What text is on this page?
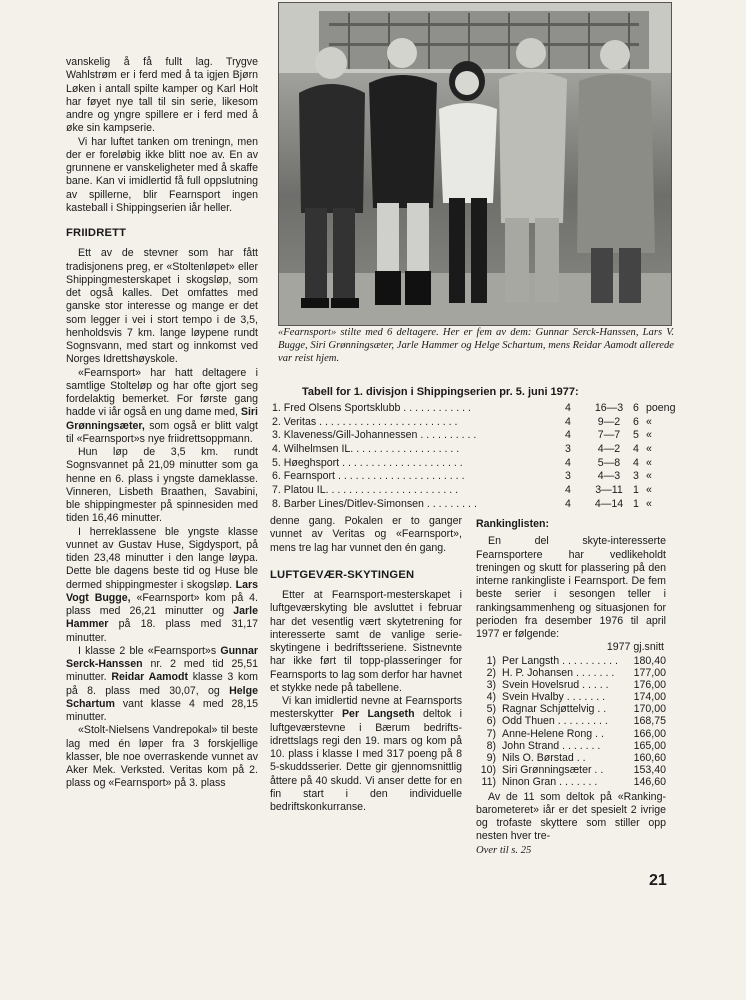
vanskelig å få fullt lag. Trygve Wahlstrøm er i ferd med å ta igjen Bjørn Løken i antall spilte kamper og Karl Holt har føyet nye tall til sin serie, likesom andre og yngre spillere er i ferd med å øke sin kampserie.

Vi har luftet tanken om treningn, men der er foreløbig ikke blitt noe av. En av grunnene er vanskeligheter med å skaffe bane. Kan vi imidlertid få full oppslutning av spillerne, blir Fearnsport ingen kasteball i Shippingserien iår heller.

FRIIDRETT

Ett av de stevner som har fått tradisjonens preg, er «Stoltenløpet» eller Shippingmesterskapet i skogsløp, som det også kalles. Det omfattes med ganske stor interesse og mange er det som legger i vei i stort tempo i de 3,5, henholdsvis 7 km. lange løypene rundt Sognsvann, med start og innkomst ved Norges Idrettshøyskole.

«Fearnsport» har hatt deltagere i samtlige Stolteløp og har ofte gjort seg fordelaktig bemerket. For første gang hadde vi iår også en ung dame med, Siri Grønningsæter, som også er blitt valgt til «Fearnsport»s nye friidrettsoppmann.

Hun løp de 3,5 km. rundt Sognsvannet på 21,09 minutter som ga henne en 6. plass i yngste dameklasse. Vinneren, Lisbeth Braathen, Savabini, ble shippingmester på spinnesiden med tiden 16,46 minutter.

I herreklassene ble yngste klasse vunnet av Gustav Huse, Sigdysport, på tiden 23,48 minutter i den lange løypa. Dette ble dagens beste tid og Huse ble dermed shippingmester i skogsløp. Lars Vogt Bugge, «Fearnsport» kom på 4. plass med 26,21 minutter og Jarle Hammer på 18. plass med 31,17 minutter.

I klasse 2 ble «Fearnsport»s Gunnar Serck-Hanssen nr. 2 med tid 25,51 minutter. Reidar Aamodt klasse 3 kom på 8. plass med 30,07, og Helge Schartum vant klasse 4 med 28,15 minutter.

«Stolt-Nielsens Vandrepokal» til beste lag med én løper fra 3 forskjellige klasser, ble noe overraskende vunnet av Aker Mek. Verksted. Veritas kom på 2. plass og «Fearnsport» på 3. plass

«Fearnsport» stilte med 6 deltagere. Her er fem av dem: Gunnar Serck-Hanssen, Lars V. Bugge, Siri Grønningsæter, Jarle Hammer og Helge Schartum, mens Reidar Aamodt allerede var reist hjem.
Tabell for 1. divisjon i Shippingserien pr. 5. juni 1977:
1. Fred Olsens Sportsklubb . . . . . . . . . . . .	4	16—3 6 poeng
2. Veritas . . . . . . . . . . . . . . . . . . . . . . . .	4	9—2	6 «
3. Klaveness/Gill-Johannessen . . . . . . . . . .	4	7—7	5 «
4. Wilhelmsen IL. . . . . . . . . . . . . . . . . . .	3	4—2	4 «
5. Høeghsport . . . . . . . . . . . . . . . . . . . . .	4	5—8	4 «
6. Fearnsport . . . . . . . . . . . . . . . . . . . . . .	3	4—3	3 «
7. Platou IL. . . . . . . . . . . . . . . . . . . . . . .	4	3—11 1 «
8. Barber Lines/Ditlev-Simonsen . . . . . . . . .	4	4—14 1 «

denne gang. Pokalen er to ganger vunnet av Veritas og «Fearnsport», mens tre lag har vunnet den én gang.

LUFTGEVÆR-SKYTINGEN

Etter at Fearnsport-mesterskapet i luftgeværskyting ble avsluttet i februar har det vesentlig vært skytetrening for interesserte samt de vanlige serie-skytingene i bedriftsseriene. Sistnevnte har ikke ført til topp-plasseringer for Fearnsports to lag som derfor har havnet et stykke nede på tabellene.

Vi kan imidlertid nevne at Fearnsports mesterskytter Per Langseth deltok i luftgeværstevne i Bærum bedrifts-idrettslags regi den 19. mars og kom på 10. plass i klasse I med 317 poeng på 8 5-skuddsserier. Dette gir gjennomsnittlig åttere på 40 skudd. Vi anser dette for en fin start i den individuelle bedriftskonkurranse.

Rankinglisten:

En del skyte-interesserte Fearnsportere har vedlikeholdt treningen og skutt for plassering på den interne rankingliste i Fearnsport. De fem beste serier i sesongen teller i rankingsammenheng og situasjonen for perioden fra desember 1976 til april 1977 er følgende:

1977 gj.snitt

1) Per Langsth . . . . . . . . . . 180,40
2) H. P. Johansen . . . . . . . 177,00
3) Svein Hovelsrud . . . . . 176,00
4) Svein Hvalby . . . . . . .	174,00
5) Ragnar Schjøttelvig . .	170,00
6) Odd Thuen . . . . . . . . . 168,75
7) Anne-Helene Rong . .	166,00
8) John Strand . . . . . . .	165,00
9) Nils O. Børstad . .	160,60
10) Siri Grønningsæter . .	153,40
11) Ninon Gran . . . . . . .	146,60

Av de 11 som deltok på «Ranking-barometeret» iår er det spesielt 2 ivrige og trofaste skyttere som stiller opp nesten hver tre-

Over til s. 25

21
